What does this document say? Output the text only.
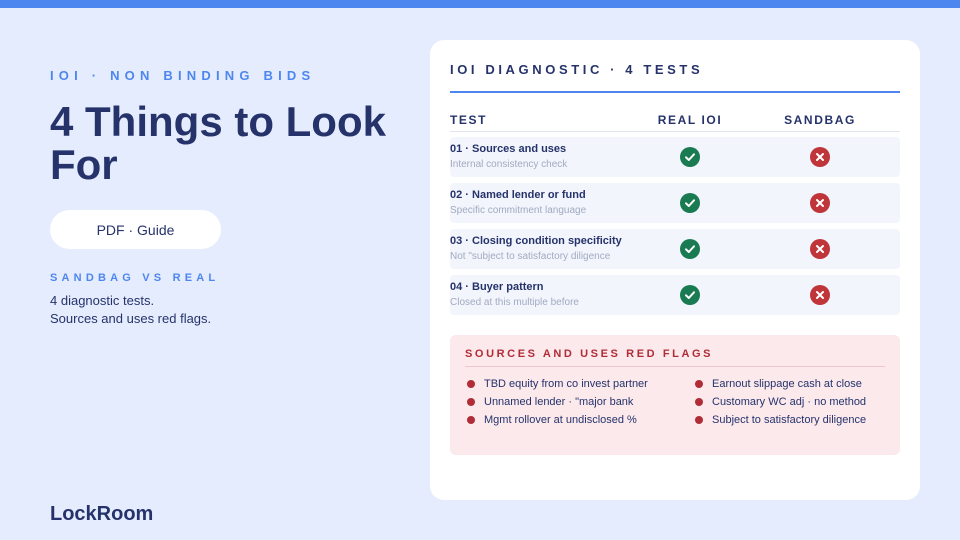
IOI · NON BINDING BIDS
4 Things to Look For
PDF · Guide
SANDBAG VS REAL
4 diagnostic tests.
Sources and uses red flags.
LockRoom
IOI DIAGNOSTIC · 4 TESTS
TEST	REAL IOI	SANDBAG
01 · Sources and uses
Internal consistency check
02 · Named lender or fund
Specific commitment language
03 · Closing condition specificity
Not "subject to satisfactory diligence
04 · Buyer pattern
Closed at this multiple before
SOURCES AND USES RED FLAGS
TBD equity from co invest partner
Unnamed lender · "major bank
Mgmt rollover at undisclosed %
Earnout slippage cash at close
Customary WC adj · no method
Subject to satisfactory diligence
